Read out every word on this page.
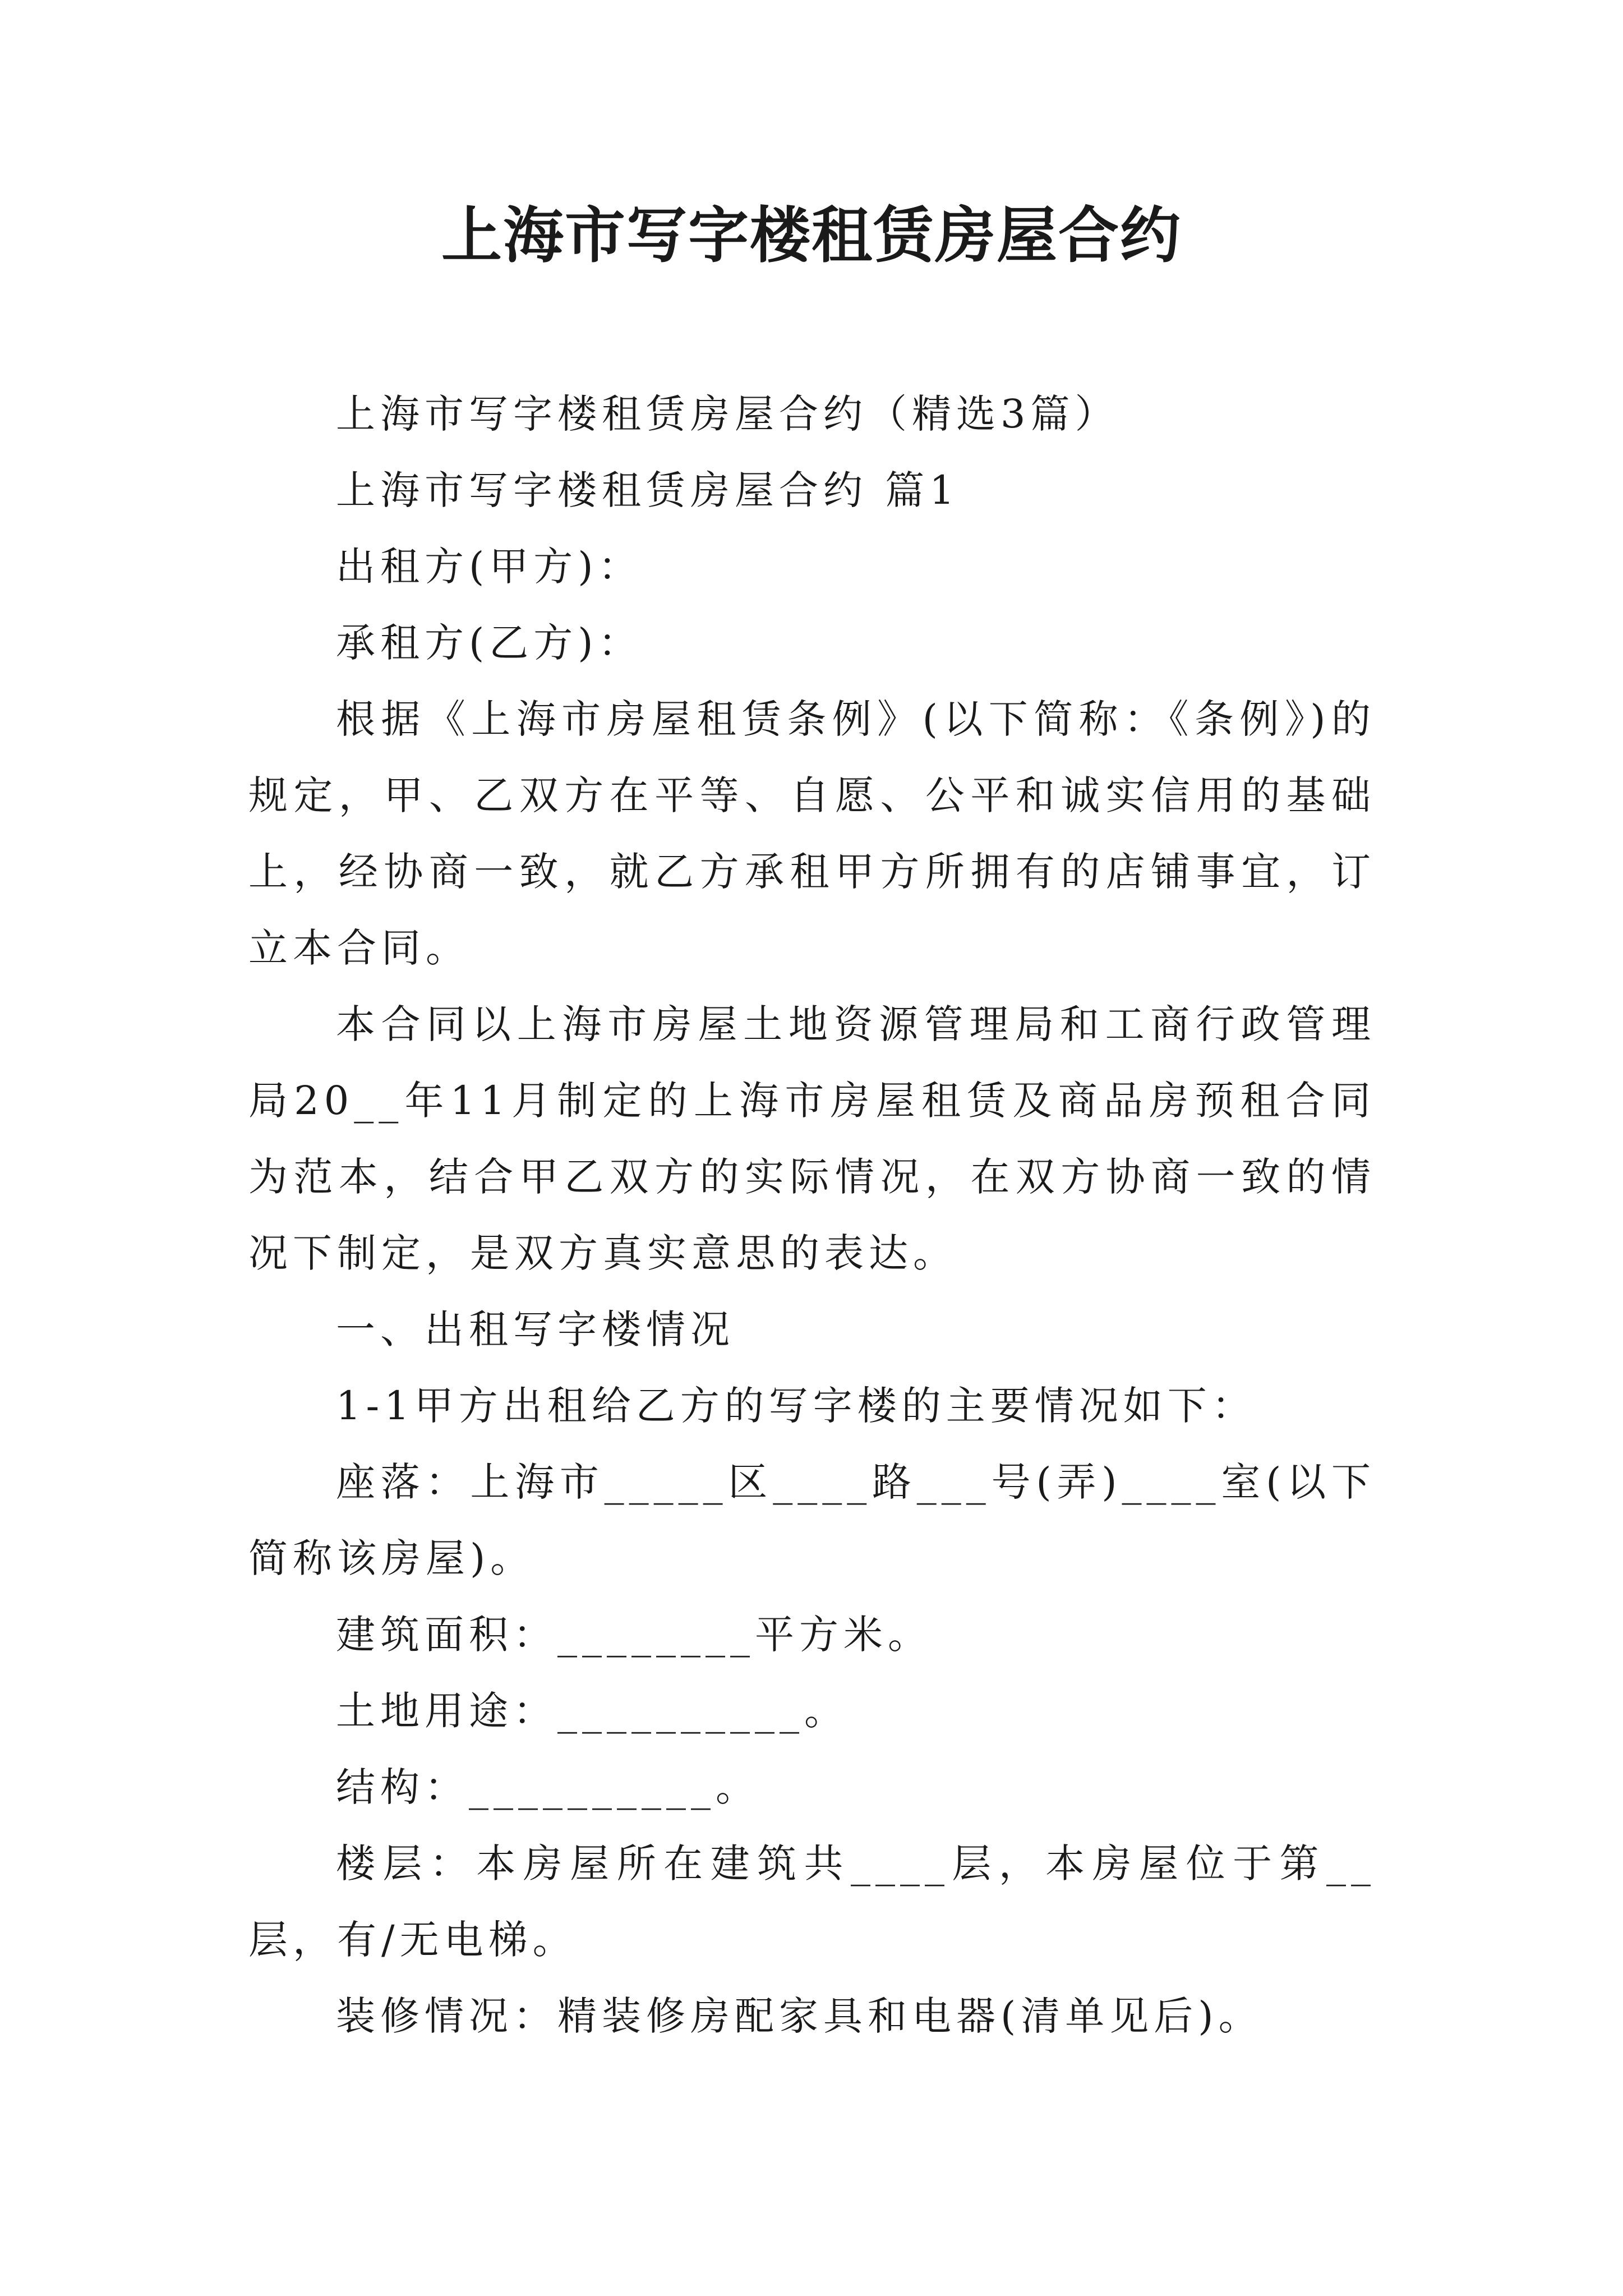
上海市写字楼租赁房屋合约

上海市写字楼租赁房屋合约（精选3篇）

上海市写字楼租赁房屋合约 篇1

出租方(甲方)：

承租方(乙方)：

根据《上海市房屋租赁条例》(以下简称：《条例》)的规定，甲、乙双方在平等、自愿、公平和诚实信用的基础上，经协商一致，就乙方承租甲方所拥有的店铺事宜，订立本合同。

本合同以上海市房屋土地资源管理局和工商行政管理局20__年11月制定的上海市房屋租赁及商品房预租合同为范本，结合甲乙双方的实际情况，在双方协商一致的情况下制定，是双方真实意思的表达。

一、出租写字楼情况

1-1甲方出租给乙方的写字楼的主要情况如下：

座落：上海市_____区____路___号(弄)____室(以下简称该房屋)。

建筑面积：________平方米。

土地用途：__________。

结构：__________。

楼层：本房屋所在建筑共____层，本房屋位于第__层，有/无电梯。

装修情况：精装修房配家具和电器(清单见后)。
